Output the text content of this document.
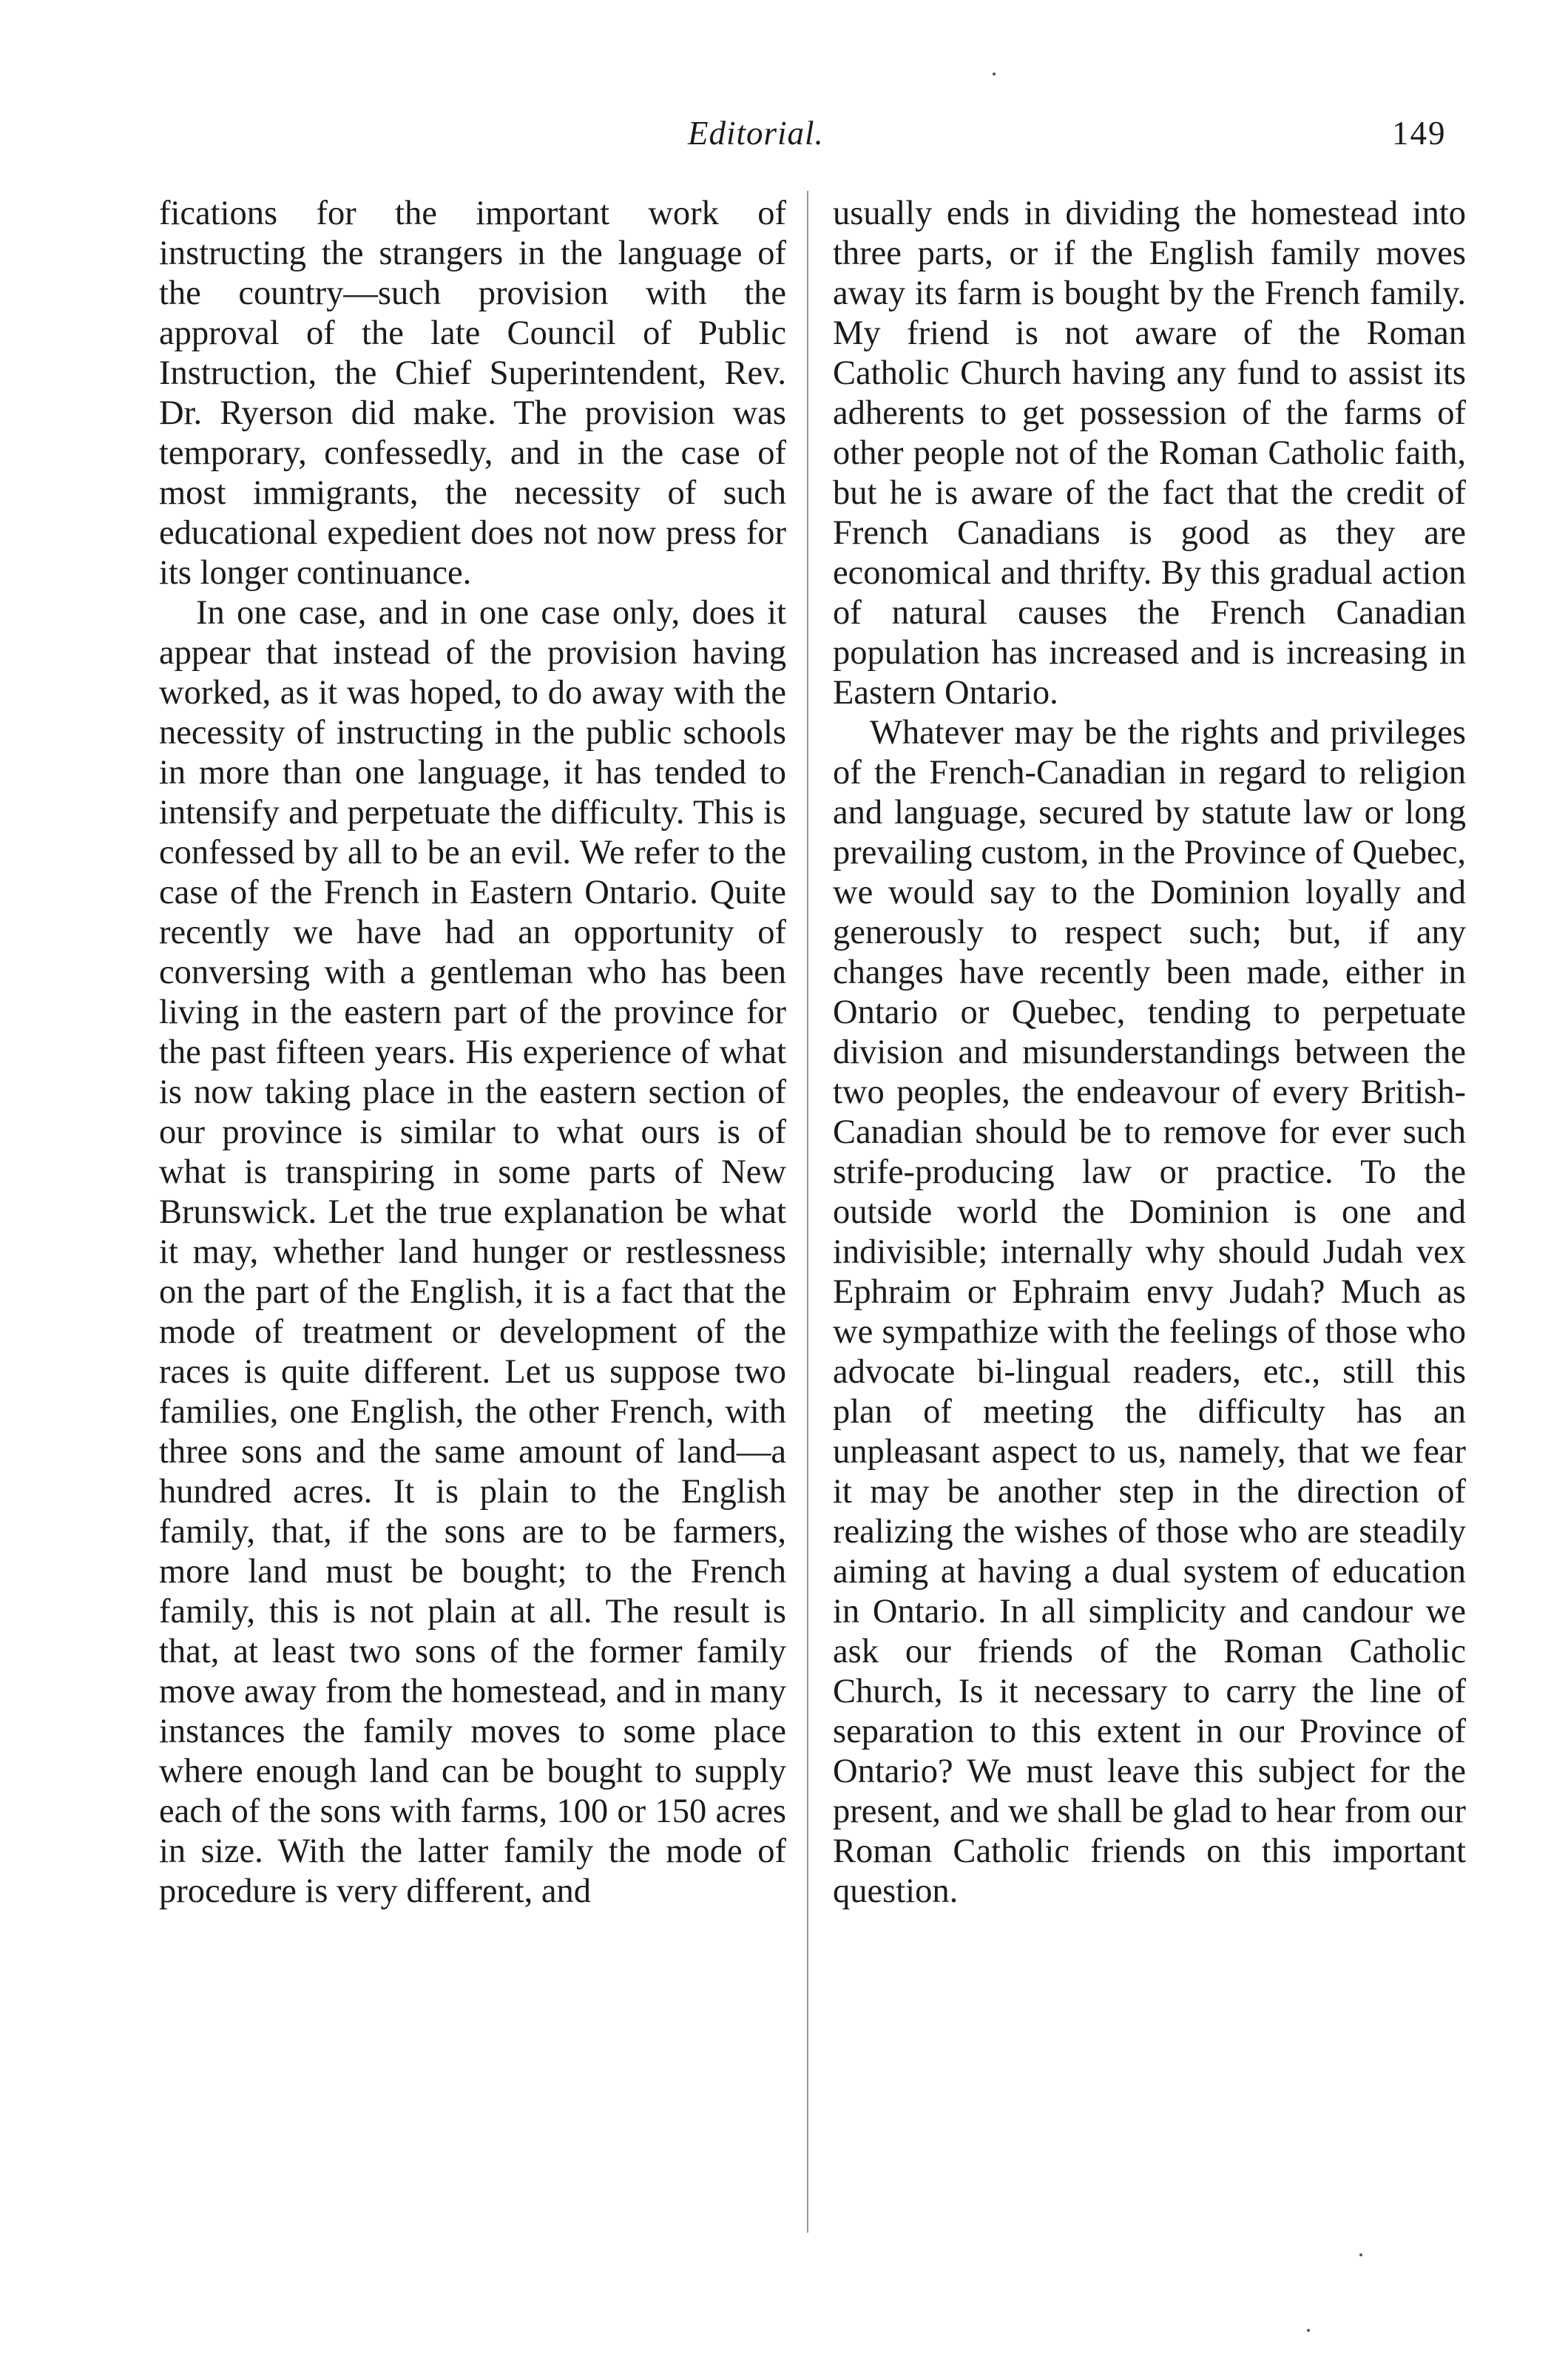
Editorial.	149

fications for the important work of instructing the strangers in the language of the country—such provision with the approval of the late Council of Public Instruction, the Chief Superintendent, Rev. Dr. Ryerson did make. The provision was temporary, confessedly, and in the case of most immigrants, the necessity of such educational expedient does not now press for its longer continuance.

In one case, and in one case only, does it appear that instead of the provision having worked, as it was hoped, to do away with the necessity of instructing in the public schools in more than one language, it has tended to intensify and perpetuate the difficulty. This is confessed by all to be an evil. We refer to the case of the French in Eastern Ontario. Quite recently we have had an opportunity of conversing with a gentleman who has been living in the eastern part of the province for the past fifteen years. His experience of what is now taking place in the eastern section of our province is similar to what ours is of what is transpiring in some parts of New Brunswick. Let the true explanation be what it may, whether land hunger or restlessness on the part of the English, it is a fact that the mode of treatment or development of the races is quite different. Let us suppose two families, one English, the other French, with three sons and the same amount of land—a hundred acres. It is plain to the English family, that, if the sons are to be farmers, more land must be bought; to the French family, this is not plain at all. The result is that, at least two sons of the former family move away from the homestead, and in many instances the family moves to some place where enough land can be bought to supply each of the sons with farms, 100 or 150 acres in size. With the latter family the mode of procedure is very different, and

usually ends in dividing the homestead into three parts, or if the English family moves away its farm is bought by the French family. My friend is not aware of the Roman Catholic Church having any fund to assist its adherents to get possession of the farms of other people not of the Roman Catholic faith, but he is aware of the fact that the credit of French Canadians is good as they are economical and thrifty. By this gradual action of natural causes the French Canadian population has increased and is increasing in Eastern Ontario.

Whatever may be the rights and privileges of the French-Canadian in regard to religion and language, secured by statute law or long prevailing custom, in the Province of Quebec, we would say to the Dominion loyally and generously to respect such; but, if any changes have recently been made, either in Ontario or Quebec, tending to perpetuate division and misunderstandings between the two peoples, the endeavour of every British-Canadian should be to remove for ever such strife-producing law or practice. To the outside world the Dominion is one and indivisible; internally why should Judah vex Ephraim or Ephraim envy Judah? Much as we sympathize with the feelings of those who advocate bi-lingual readers, etc., still this plan of meeting the difficulty has an unpleasant aspect to us, namely, that we fear it may be another step in the direction of realizing the wishes of those who are steadily aiming at having a dual system of education in Ontario. In all simplicity and candour we ask our friends of the Roman Catholic Church, Is it necessary to carry the line of separation to this extent in our Province of Ontario? We must leave this subject for the present, and we shall be glad to hear from our Roman Catholic friends on this important question.
